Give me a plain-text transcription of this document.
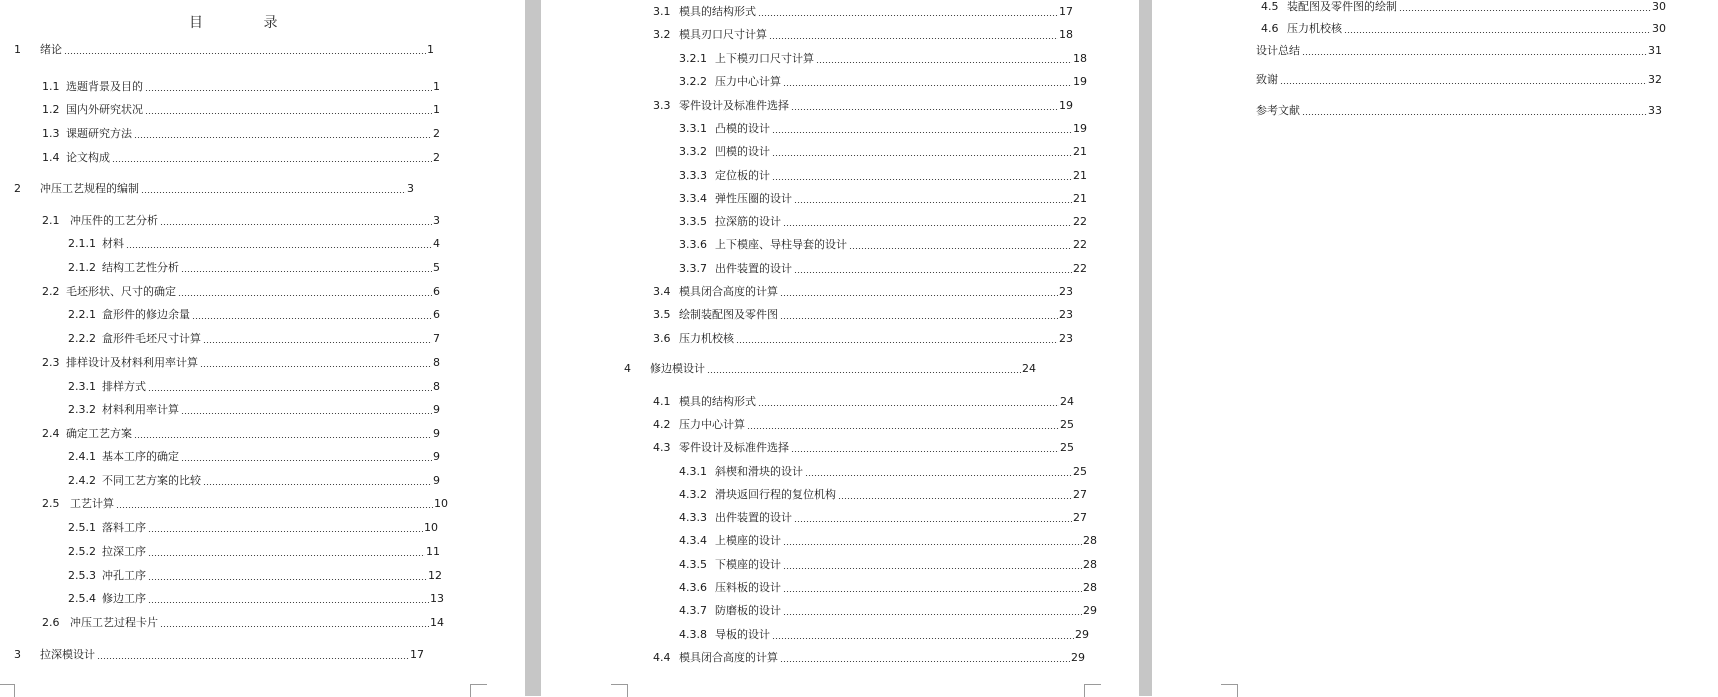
目 录
1	绪论	1
1.1 选题背景及目的	1
1.2 国内外研究状况	1
1.3 课题研究方法	2
1.4 论文构成	2
2	冲压工艺规程的编制	3
2.1 冲压件的工艺分析	3
2.1.1 材料	4
2.1.2 结构工艺性分析	5
2.2 毛坯形状、尺寸的确定	6
2.2.1 盒形件的修边余量	6
2.2.2 盒形件毛坯尺寸计算	7
2.3 排样设计及材料利用率计算	8
2.3.1 排样方式	8
2.3.2 材料利用率计算	9
2.4 确定工艺方案	9
2.4.1 基本工序的确定	9
2.4.2 不同工艺方案的比较	9
2.5 工艺计算	10
2.5.1 落料工序	10
2.5.2 拉深工序	11
2.5.3 冲孔工序	12
2.5.4 修边工序	13
2.6 冲压工艺过程卡片	14
3	拉深模设计	17
3.1 模具的结构形式	17
3.2 模具刃口尺寸计算	18
3.2.1 上下模刃口尺寸计算	18
3.2.2 压力中心计算	19
3.3 零件设计及标准件选择	19
3.3.1 凸模的设计	19
3.3.2 凹模的设计	21
3.3.3 定位板的计	21
3.3.4 弹性压圈的设计	21
3.3.5 拉深筋的设计	22
3.3.6 上下模座、导柱导套的设计	22
3.3.7 出件装置的设计	22
3.4 模具闭合高度的计算	23
3.5 绘制装配图及零件图	23
3.6 压力机校核	23
4	修边模设计	24
4.1 模具的结构形式	24
4.2 压力中心计算	25
4.3 零件设计及标准件选择	25
4.3.1 斜楔和滑块的设计	25
4.3.2 滑块返回行程的复位机构	27
4.3.3 出件装置的设计	27
4.3.4 上模座的设计	28
4.3.5 下模座的设计	28
4.3.6 压料板的设计	28
4.3.7 防磨板的设计	29
4.3.8 导板的设计	29
4.4 模具闭合高度的计算	29
4.5 装配图及零件图的绘制	30
4.6 压力机校核	30
设计总结	31
致谢	32
参考文献	33
